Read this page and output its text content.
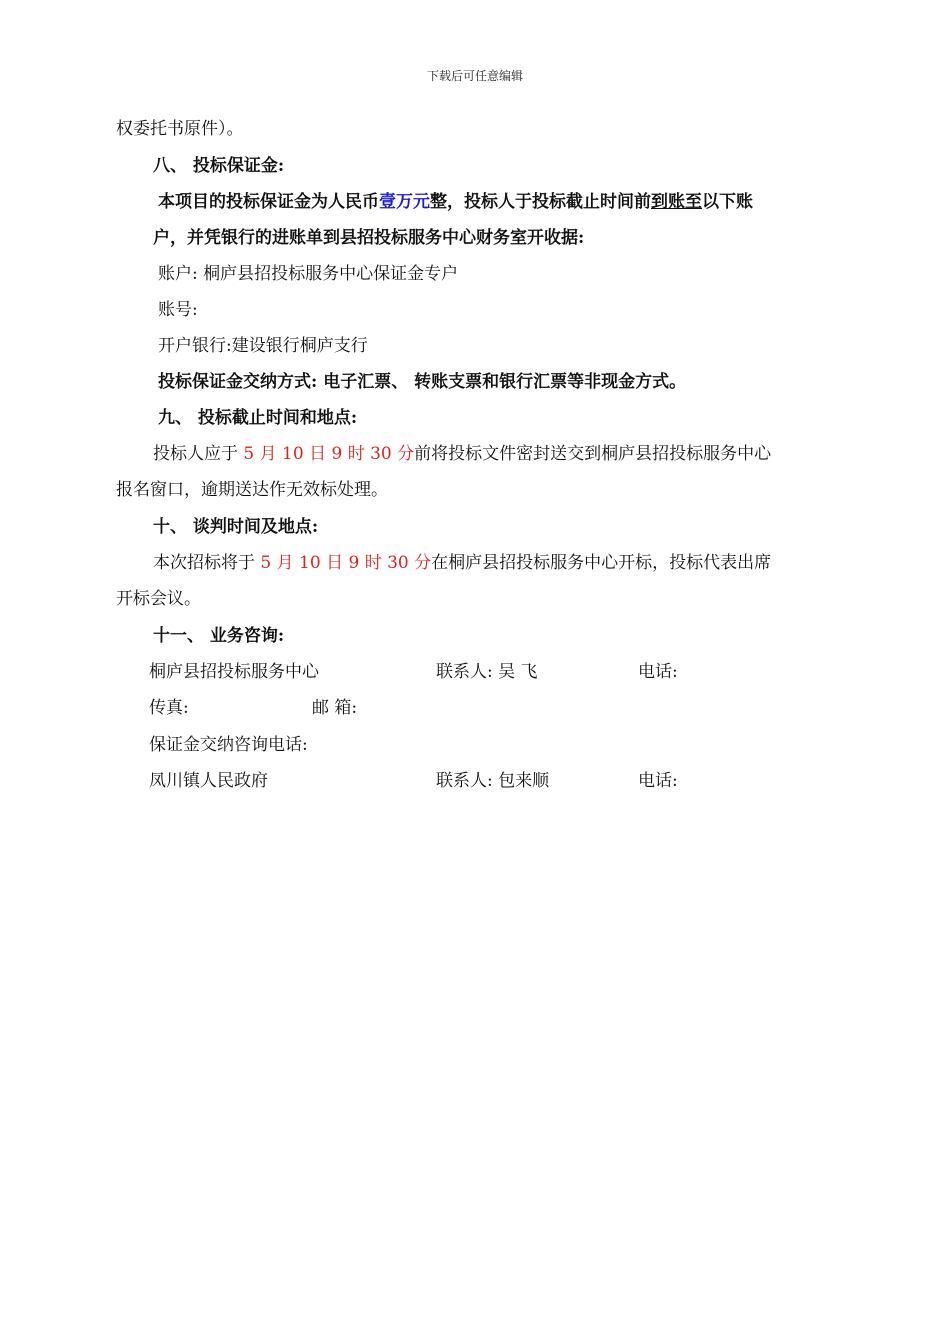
下载后可任意编辑
权委托书原件）。
八、 投标保证金:
本项目的投标保证金为人民币壹万元整，投标人于投标截止时间前到账至以下账
户，并凭银行的进账单到县招投标服务中心财务室开收据:
账户: 桐庐县招投标服务中心保证金专户
账号:
开户银行:建设银行桐庐支行
投标保证金交纳方式: 电子汇票、 转账支票和银行汇票等非现金方式。
九、 投标截止时间和地点:
投标人应于 5 月 10 日 9 时 30 分前将投标文件密封送交到桐庐县招投标服务中心
报名窗口，逾期送达作无效标处理。
十、 谈判时间及地点:
本次招标将于 5 月 10 日 9 时 30 分在桐庐县招投标服务中心开标，投标代表出席
开标会议。
十一、 业务咨询:
桐庐县招投标服务中心	联系人: 吴 飞	电话:
传真:	邮 箱:
保证金交纳咨询电话:
凤川镇人民政府	联系人: 包来顺	电话:
